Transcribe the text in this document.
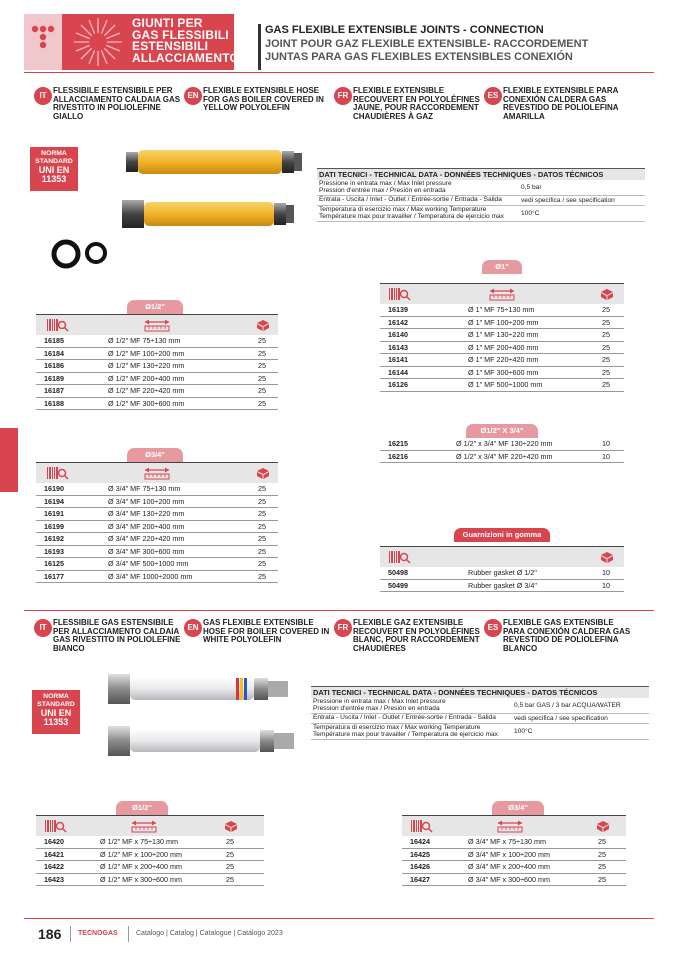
GIUNTI PER
GAS FLESSIBILI
ESTENSIBILI
ALLACCIAMENTO
GAS FLEXIBLE EXTENSIBLE JOINTS - CONNECTION
JOINT POUR GAZ FLEXIBLE EXTENSIBLE- RACCORDEMENT
JUNTAS PARA GAS FLEXIBLES EXTENSIBLES CONEXIÓN
IT
FLESSIBILE ESTENSIBILE PER
ALLACCIAMENTO CALDAIA GAS
RIVESTITO IN POLIOLEFINE
GIALLO
EN
FLEXIBLE EXTENSIBLE HOSE
FOR GAS BOILER COVERED IN
YELLOW POLYOLEFIN
FR
FLEXIBLE EXTENSIBLE
RECOUVERT EN POLYOLÉFINES
JAUNE, POUR RACCORDEMENT
CHAUDIÈRES À GAZ
ES
FLEXIBLE EXTENSIBLE PARA
CONEXIÓN CALDERA GAS
REVESTIDO DE POLIOLEFINA
AMARILLA
NORMA
STANDARD
UNI EN
11353	DATI TECNICI - TECHNICAL DATA - DONNÉES TECHNIQUES - DATOS TÉCNICOS
Pressione in entrata max / Max Inlet pressure
Pression d'entrée max / Presión en entrada	0,5 bar
Entrata - Uscita / Inlet - Outlet / Entrée-sortie / Entrada - Salida	vedi specifica / see specification
Temperatura di esercizio max / Max working Temperature
Température max pour travailler / Temperatura de ejercicio max	100°C
Ø1/2"
16185	Ø 1/2" MF 75÷130 mm	25
16184	Ø 1/2" MF 100÷200 mm	25
16186	Ø 1/2" MF 130÷220 mm	25
16189	Ø 1/2" MF 200÷400 mm	25
16187	Ø 1/2" MF 220÷420 mm	25
16188	Ø 1/2" MF 300÷600 mm	25
Ø3/4"
16190	Ø 3/4" MF 75÷130 mm	25
16194	Ø 3/4" MF 100÷200 mm	25
16191	Ø 3/4" MF 130÷220 mm	25
16199	Ø 3/4" MF 200÷400 mm	25
16192	Ø 3/4" MF 220÷420 mm	25
16193	Ø 3/4" MF 300÷600 mm	25
16125	Ø 3/4" MF 500÷1000 mm	25
16177	Ø 3/4" MF 1000÷2000 mm	25
Ø1"
16139	Ø 1" MF 75÷130 mm	25
16142	Ø 1" MF 100÷200 mm	25
16140	Ø 1" MF 130÷220 mm	25
16143	Ø 1" MF 200÷400 mm	25
16141	Ø 1" MF 220÷420 mm	25
16144	Ø 1" MF 300÷600 mm	25
16126	Ø 1" MF 500÷1000 mm	25
Ø1/2" X 3/4"
16215	Ø 1/2" x 3/4" MF 130÷220 mm	10
16216	Ø 1/2" x 3/4" MF 220÷420 mm	10
Guarnizioni in gomma
50498	Rubber gasket Ø 1/2"	10
50499	Rubber gasket Ø 3/4"	10
IT
FLESSIBILE GAS ESTENSIBILE
PER ALLACCIAMENTO CALDAIA
GAS RIVESTITO IN POLIOLEFINE
BIANCO
EN
GAS FLEXIBLE EXTENSIBLE
HOSE FOR BOILER COVERED IN
WHITE POLYOLEFIN
FR
FLEXIBLE GAZ EXTENSIBLE
RECOUVERT EN POLYOLÉFINES
BLANC, POUR RACCORDEMENT
CHAUDIÈRES
ES
FLEXIBLE GAS EXTENSIBLE
PARA CONEXIÓN CALDERA GAS
REVESTIDO DE POLIOLEFINA
BLANCO
NORMA
STANDARD
UNI EN
11353
DATI TECNICI - TECHNICAL DATA - DONNÉES TECHNIQUES - DATOS TÉCNICOS
Pressione in entrata max / Max Inlet pressure
Pression d'entrée max / Presión en entrada	0,5 bar GAS / 3 bar ACQUA/WATER
Entrata - Uscita / Inlet - Outlet / Entrée-sortie / Entrada - Salida	vedi specifica / see specification
Temperatura di esercizio max / Max working Temperature
Température max pour travailler / Temperatura de ejercicio max	100°C
Ø1/2"
16420	Ø 1/2" MF x 75÷130 mm	25
16421	Ø 1/2" MF x 100÷200 mm	25
16422	Ø 1/2" MF x 200÷400 mm	25
16423	Ø 1/2" MF x 300÷600 mm	25
Ø3/4"
16424	Ø 3/4" MF x 75÷130 mm	25
16425	Ø 3/4" MF x 100÷200 mm	25
16426	Ø 3/4" MF x 200÷400 mm	25
16427	Ø 3/4" MF x 300÷600 mm	25
186 TECNOGAS	Catalogo | Catalog | Catalogue | Catálogo 2023
